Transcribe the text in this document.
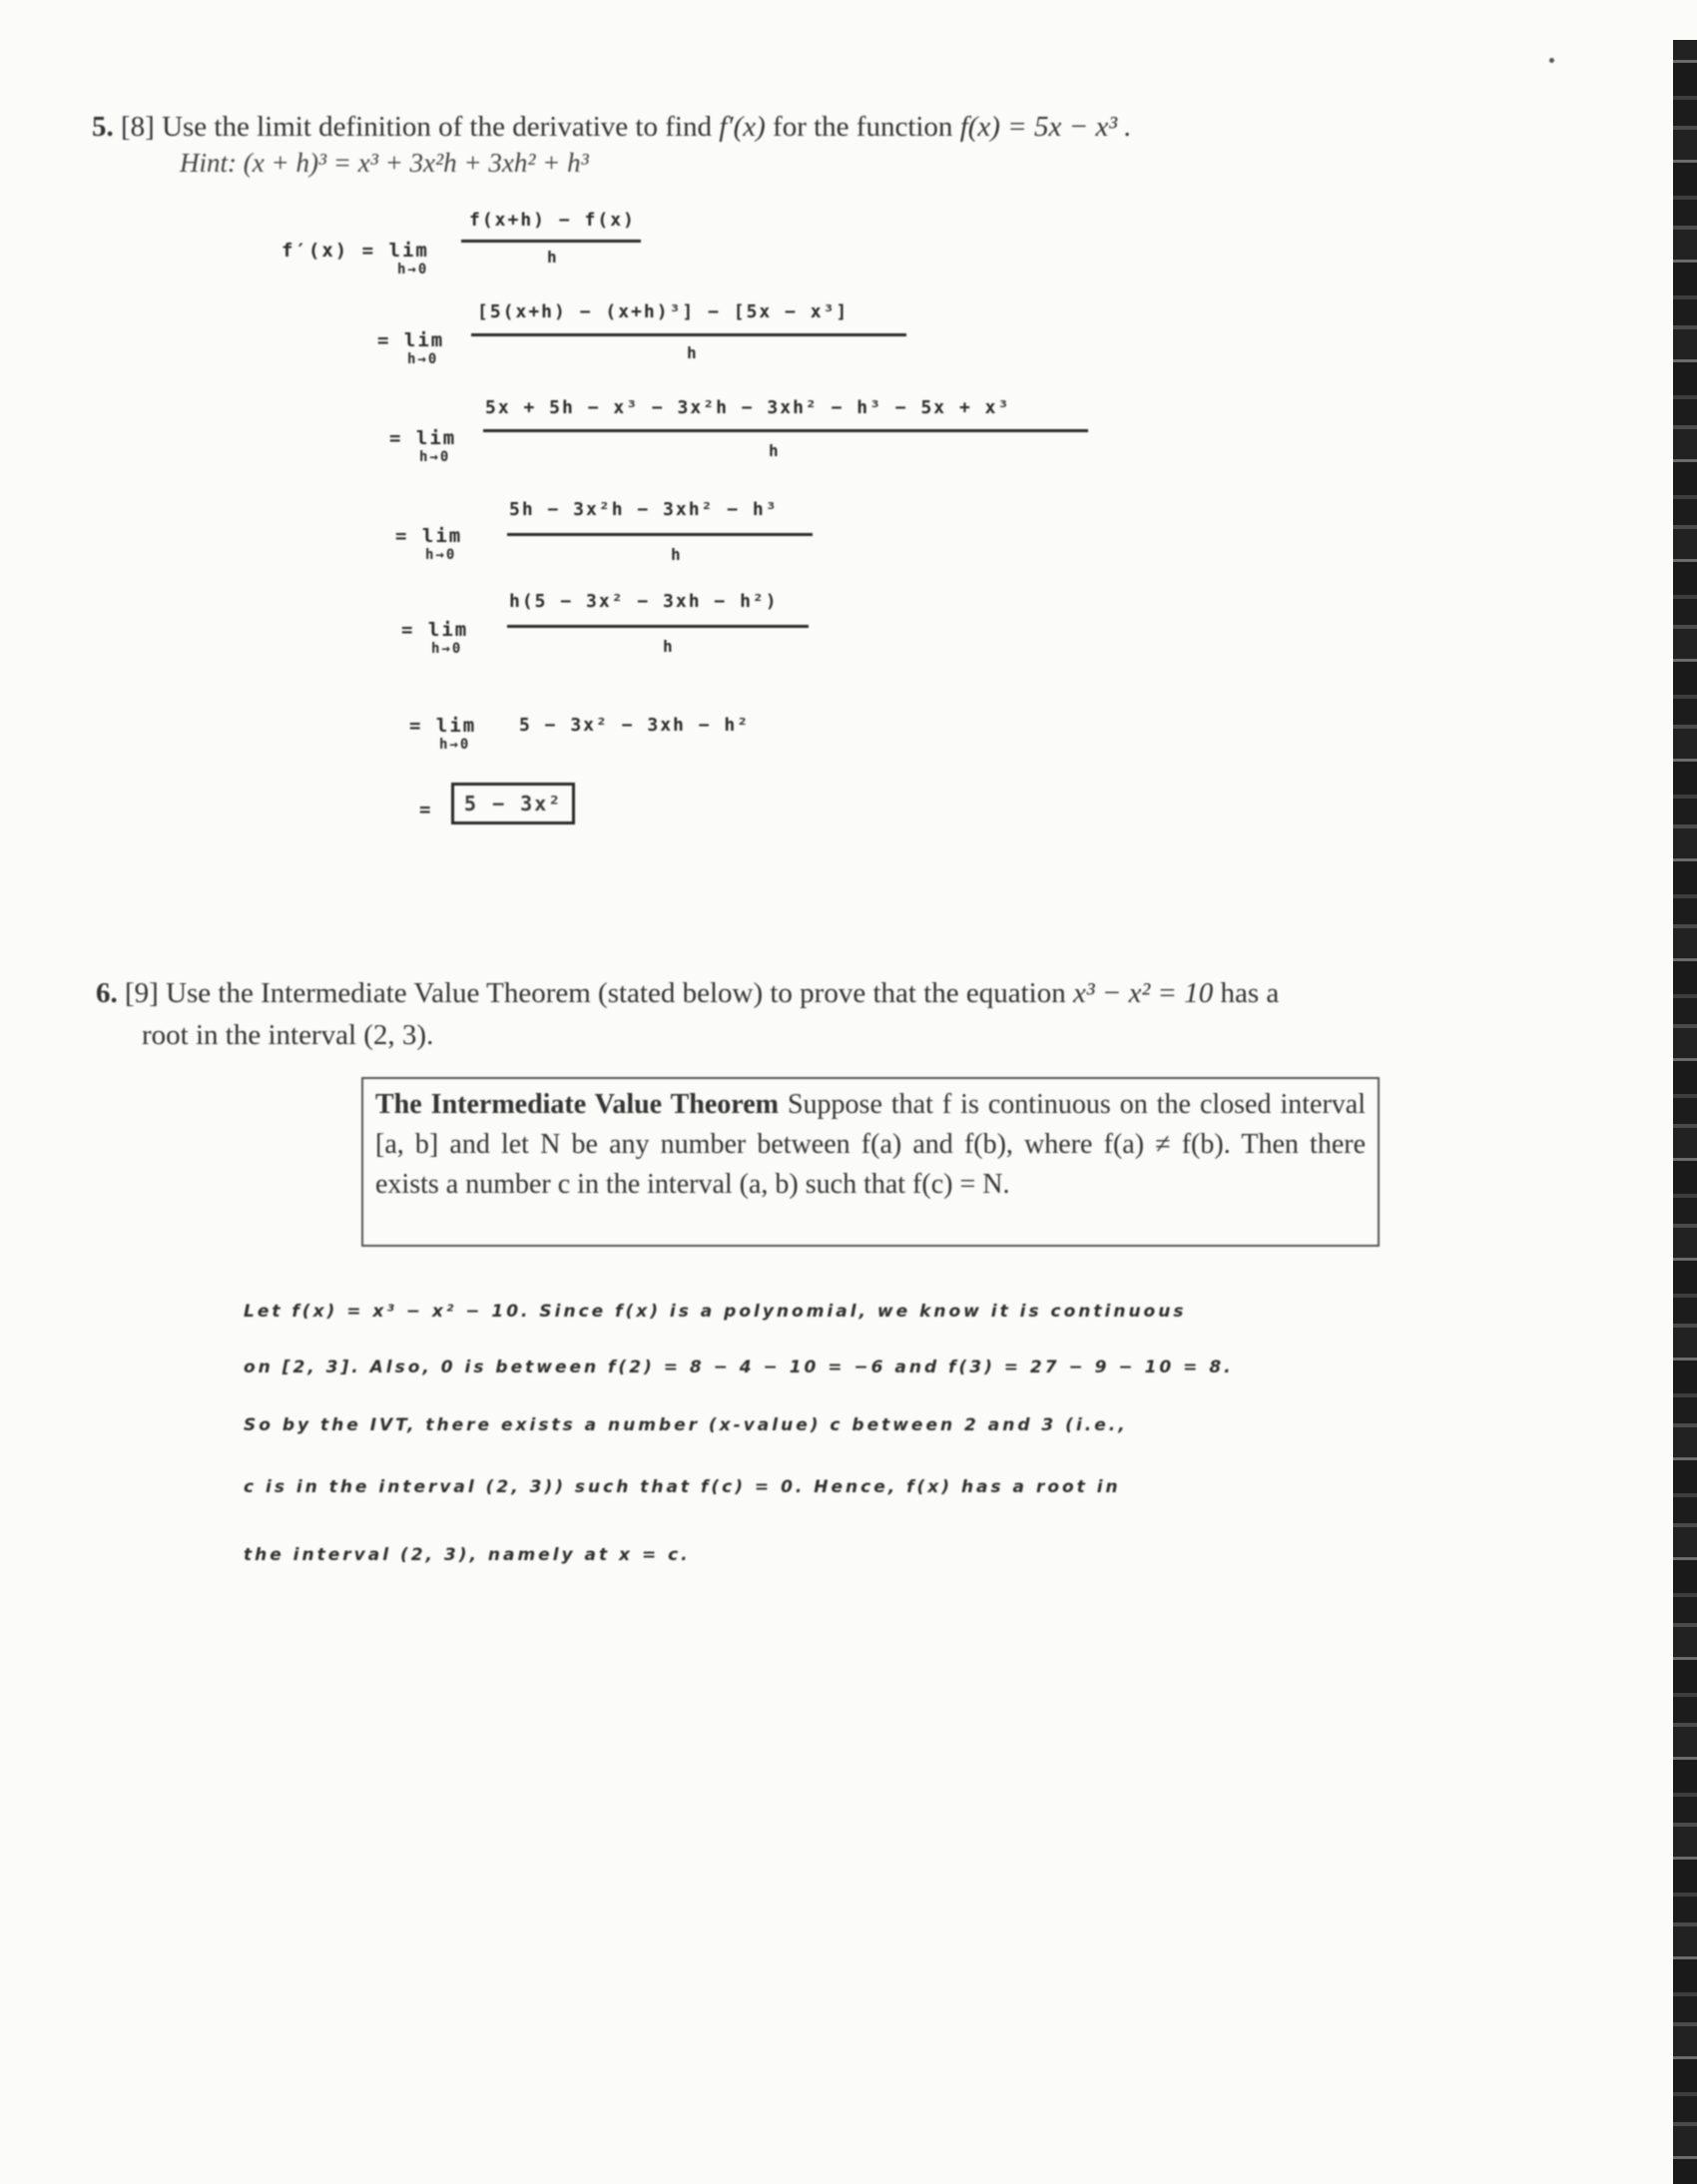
5. [8] Use the limit definition of the derivative to find f′(x) for the function f(x) = 5x − x³ .
Hint: (x + h)³ = x³ + 3x²h + 3xh² + h³
f′(x) = lim
h→0
f(x+h) − f(x)
h
= lim
h→0
[5(x+h) − (x+h)³] − [5x − x³]
h
= lim
h→0
5x + 5h − x³ − 3x²h − 3xh² − h³ − 5x + x³
h
= lim
h→0
5h − 3x²h − 3xh² − h³
h
= lim
h→0
h(5 − 3x² − 3xh − h²)
h
= lim
h→0
5 − 3x² − 3xh − h²
=	5 − 3x²
6. [9] Use the Intermediate Value Theorem (stated below) to prove that the equation x³ − x² = 10 has a
root in the interval (2, 3).
The Intermediate Value Theorem Suppose that f is continuous on the closed interval [a, b] and let N be any number between f(a) and f(b), where f(a) ≠ f(b). Then there exists a number c in the interval (a, b) such that f(c) = N.
Let f(x) = x³ − x² − 10. Since f(x) is a polynomial, we know it is continuous
on [2, 3]. Also, 0 is between f(2) = 8 − 4 − 10 = −6 and f(3) = 27 − 9 − 10 = 8.
So by the IVT, there exists a number (x-value) c between 2 and 3 (i.e.,
c is in the interval (2, 3)) such that f(c) = 0. Hence, f(x) has a root in
the interval (2, 3), namely at x = c.
